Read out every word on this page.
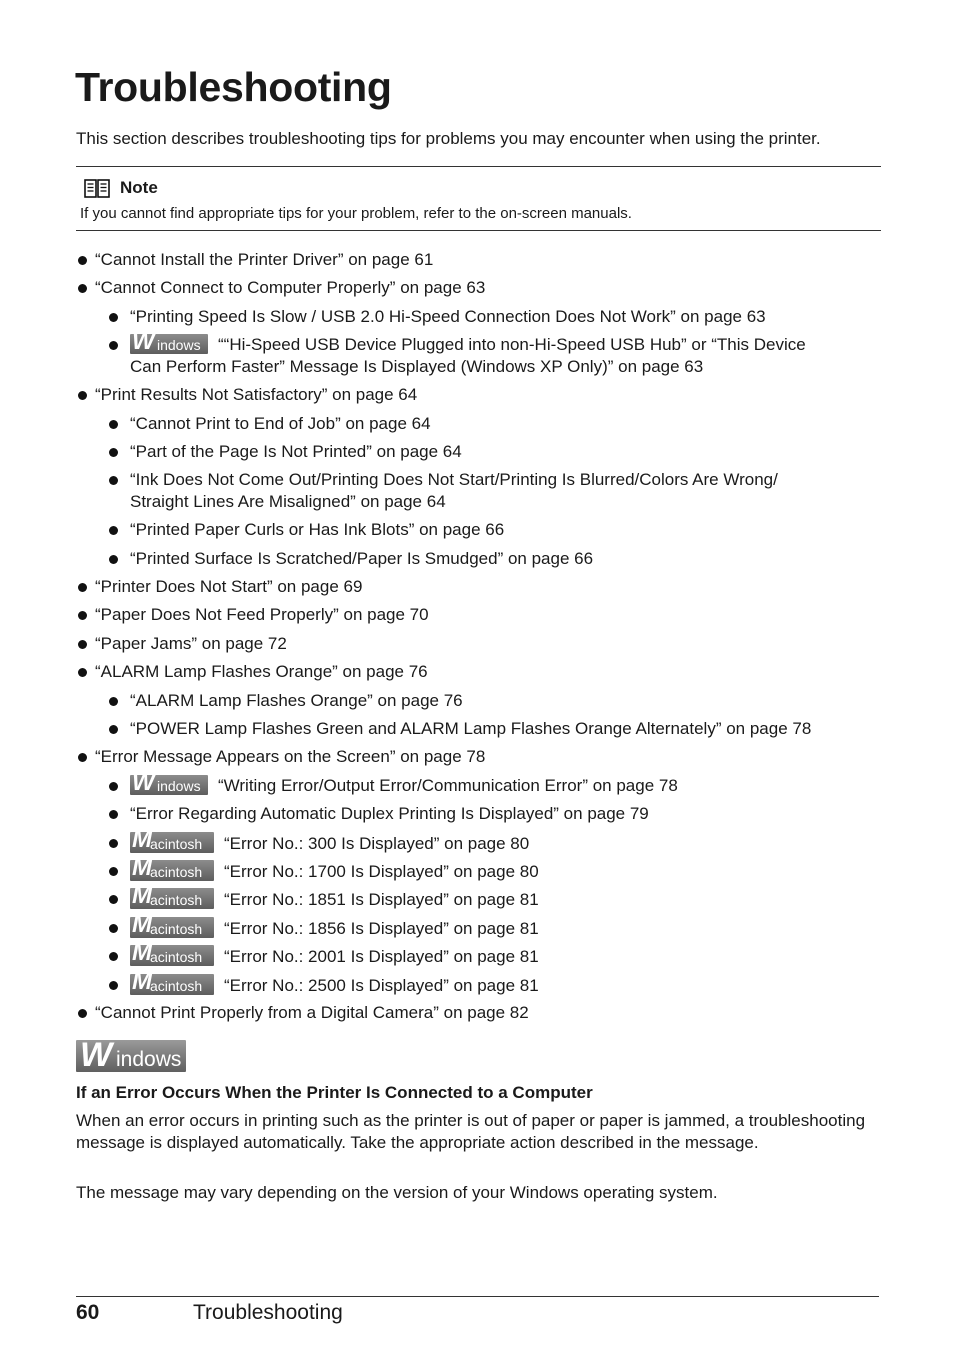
Troubleshooting
This section describes troubleshooting tips for problems you may encounter when using the printer.
Note
If you cannot find appropriate tips for your problem, refer to the on-screen manuals.
“Cannot Install the Printer Driver” on page 61
“Cannot Connect to Computer Properly” on page 63
“Printing Speed Is Slow / USB 2.0 Hi-Speed Connection Does Not Work” on page 63
W indows ““Hi-Speed USB Device Plugged into non-Hi-Speed USB Hub” or “This Device
Can Perform Faster” Message Is Displayed (Windows XP Only)” on page 63
“Print Results Not Satisfactory” on page 64
“Cannot Print to End of Job” on page 64
“Part of the Page Is Not Printed” on page 64
“Ink Does Not Come Out/Printing Does Not Start/Printing Is Blurred/Colors Are Wrong/
Straight Lines Are Misaligned” on page 64
“Printed Paper Curls or Has Ink Blots” on page 66
“Printed Surface Is Scratched/Paper Is Smudged” on page 66
“Printer Does Not Start” on page 69
“Paper Does Not Feed Properly” on page 70
“Paper Jams” on page 72
“ALARM Lamp Flashes Orange” on page 76
“ALARM Lamp Flashes Orange” on page 76
“POWER Lamp Flashes Green and ALARM Lamp Flashes Orange Alternately” on page 78
“Error Message Appears on the Screen” on page 78
W indows “Writing Error/Output Error/Communication Error” on page 78
“Error Regarding Automatic Duplex Printing Is Displayed” on page 79
M
acintosh “Error No.: 300 Is Displayed” on page 80
M
acintosh “Error No.: 1700 Is Displayed” on page 80
M
acintosh “Error No.: 1851 Is Displayed” on page 81
M
acintosh “Error No.: 1856 Is Displayed” on page 81
M
acintosh “Error No.: 2001 Is Displayed” on page 81
M
acintosh “Error No.: 2500 Is Displayed” on page 81
“Cannot Print Properly from a Digital Camera” on page 82
W indows
If an Error Occurs When the Printer Is Connected to a Computer
When an error occurs in printing such as the printer is out of paper or paper is jammed, a troubleshooting message is displayed automatically. Take the appropriate action described in the message.
The message may vary depending on the version of your Windows operating system.
60	Troubleshooting
